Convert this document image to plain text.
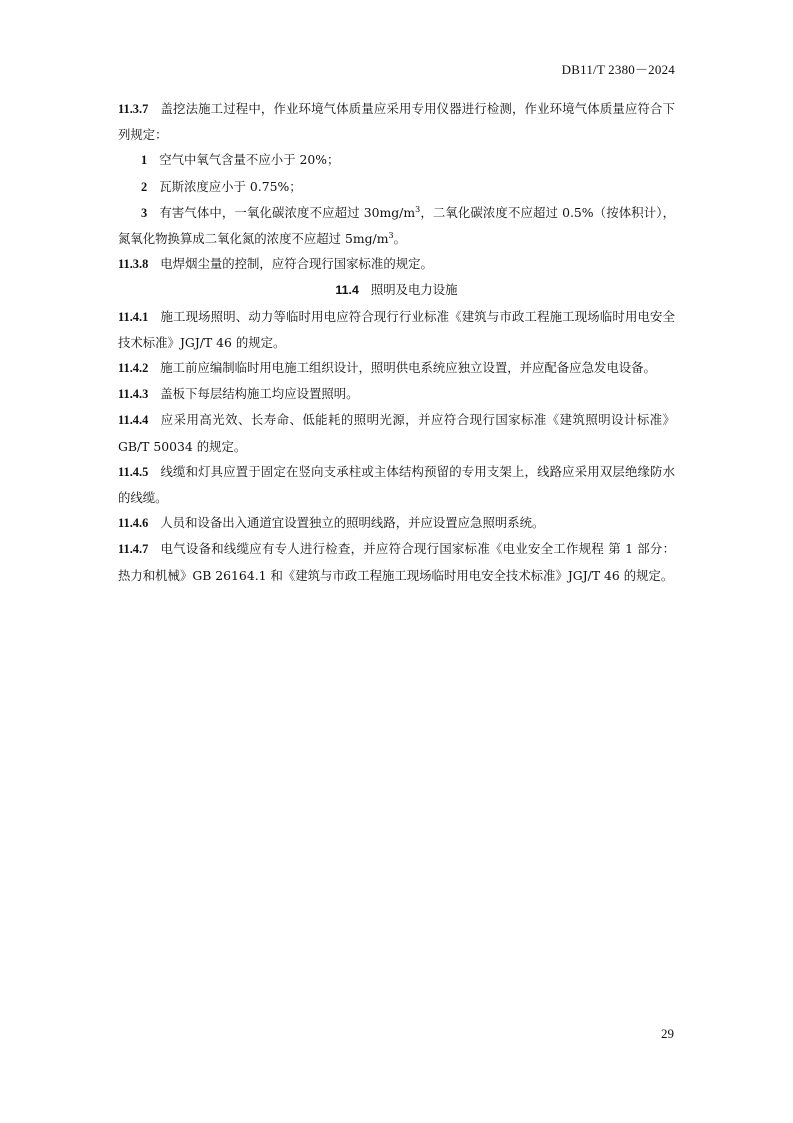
DB11/T 2380－2024

11.3.7 盖挖法施工过程中，作业环境气体质量应采用专用仪器进行检测，作业环境气体质量应符合下列规定：

1 空气中氧气含量不应小于 20%；

2 瓦斯浓度应小于 0.75%；

3 有害气体中，一氧化碳浓度不应超过 $30mg/m^3$，二氧化碳浓度不应超过 0.5%（按体积计），氮氧化物换算成二氧化氮的浓度不应超过 $5mg/m^3$。

11.3.8 电焊烟尘量的控制，应符合现行国家标准的规定。

11.4 照明及电力设施

11.4.1 施工现场照明、动力等临时用电应符合现行行业标准《建筑与市政工程施工现场临时用电安全技术标准》JGJ/T 46 的规定。

11.4.2 施工前应编制临时用电施工组织设计，照明供电系统应独立设置，并应配备应急发电设备。

11.4.3 盖板下每层结构施工均应设置照明。

11.4.4 应采用高光效、长寿命、低能耗的照明光源，并应符合现行国家标准《建筑照明设计标准》GB/T 50034 的规定。

11.4.5 线缆和灯具应置于固定在竖向支承柱或主体结构预留的专用支架上，线路应采用双层绝缘防水的线缆。

11.4.6 人员和设备出入通道宜设置独立的照明线路，并应设置应急照明系统。

11.4.7 电气设备和线缆应有专人进行检查，并应符合现行国家标准《电业安全工作规程 第 1 部分：热力和机械》GB 26164.1 和《建筑与市政工程施工现场临时用电安全技术标准》JGJ/T 46 的规定。

29
